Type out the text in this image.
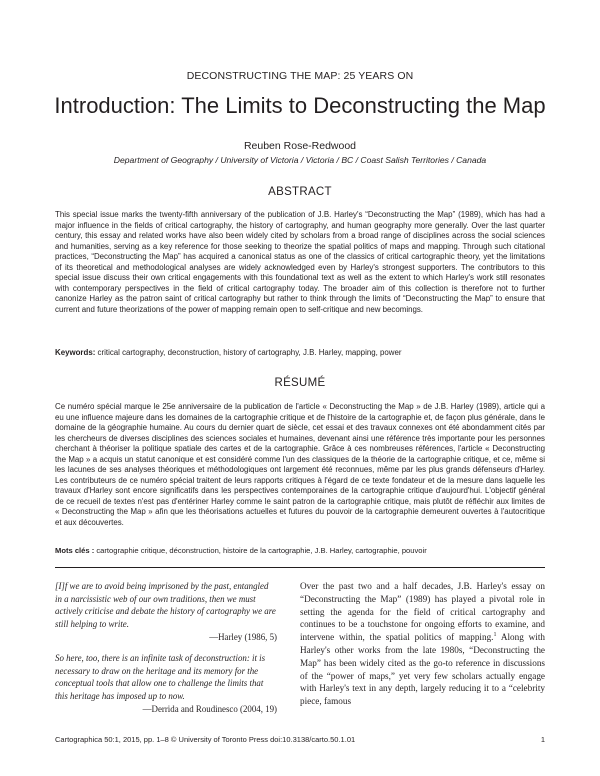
DECONSTRUCTING THE MAP: 25 YEARS ON
Introduction: The Limits to Deconstructing the Map
Reuben Rose-Redwood
Department of Geography / University of Victoria / Victoria / BC / Coast Salish Territories / Canada
ABSTRACT
This special issue marks the twenty-fifth anniversary of the publication of J.B. Harley's “Deconstructing the Map” (1989), which has had a major influence in the fields of critical cartography, the history of cartography, and human geography more generally. Over the last quarter century, this essay and related works have also been widely cited by scholars from a broad range of disciplines across the social sciences and humanities, serving as a key reference for those seeking to theorize the spatial politics of maps and mapping. Through such citational practices, “Deconstructing the Map” has acquired a canonical status as one of the classics of critical cartographic theory, yet the limitations of its theoretical and methodological analyses are widely acknowledged even by Harley's strongest supporters. The contributors to this special issue discuss their own critical engagements with this foundational text as well as the extent to which Harley's work still resonates with contemporary perspectives in the field of critical cartography today. The broader aim of this collection is therefore not to further canonize Harley as the patron saint of critical cartography but rather to think through the limits of “Deconstructing the Map” to ensure that current and future theorizations of the power of mapping remain open to self-critique and new becomings.
Keywords: critical cartography, deconstruction, history of cartography, J.B. Harley, mapping, power
RÉSUMÉ
Ce numéro spécial marque le 25e anniversaire de la publication de l'article « Deconstructing the Map » de J.B. Harley (1989), article qui a eu une influence majeure dans les domaines de la cartographie critique et de l'histoire de la cartographie et, de façon plus générale, dans le domaine de la géographie humaine. Au cours du dernier quart de siècle, cet essai et des travaux connexes ont été abondamment cités par les chercheurs de diverses disciplines des sciences sociales et humaines, devenant ainsi une référence très importante pour les personnes cherchant à théoriser la politique spatiale des cartes et de la cartographie. Grâce à ces nombreuses références, l'article « Deconstructing the Map » a acquis un statut canonique et est considéré comme l'un des classiques de la théorie de la cartographie critique, et ce, même si les lacunes de ses analyses théoriques et méthodologiques ont largement été reconnues, même par les plus grands défenseurs d'Harley. Les contributeurs de ce numéro spécial traitent de leurs rapports critiques à l'égard de ce texte fondateur et de la mesure dans laquelle les travaux d'Harley sont encore significatifs dans les perspectives contemporaines de la cartographie critique d'aujourd'hui. L'objectif général de ce recueil de textes n'est pas d'entériner Harley comme le saint patron de la cartographie critique, mais plutôt de réfléchir aux limites de « Deconstructing the Map » afin que les théorisations actuelles et futures du pouvoir de la cartographie demeurent ouvertes à l'autocritique et aux découvertes.
Mots clés : cartographie critique, déconstruction, histoire de la cartographie, J.B. Harley, cartographie, pouvoir

[I]f we are to avoid being imprisoned by the past, entangled in a narcissistic web of our own traditions, then we must actively criticise and debate the history of cartography we are still helping to write.

—Harley (1986, 5)

So here, too, there is an infinite task of deconstruction: it is necessary to draw on the heritage and its memory for the conceptual tools that allow one to challenge the limits that this heritage has imposed up to now.

—Derrida and Roudinesco (2004, 19)

Over the past two and a half decades, J.B. Harley's essay on “Deconstructing the Map” (1989) has played a pivotal role in setting the agenda for the field of critical cartography and continues to be a touchstone for ongoing efforts to examine, and intervene within, the spatial politics of mapping.$^1$ Along with Harley's other works from the late 1980s, “Deconstructing the Map” has been widely cited as the go-to reference in discussions of the “power of maps,” yet very few scholars actually engage with Harley's text in any depth, largely reducing it to a “celebrity piece, famous

Cartographica 50:1, 2015, pp. 1–8 © University of Toronto Press doi:10.3138/carto.50.1.01	1
